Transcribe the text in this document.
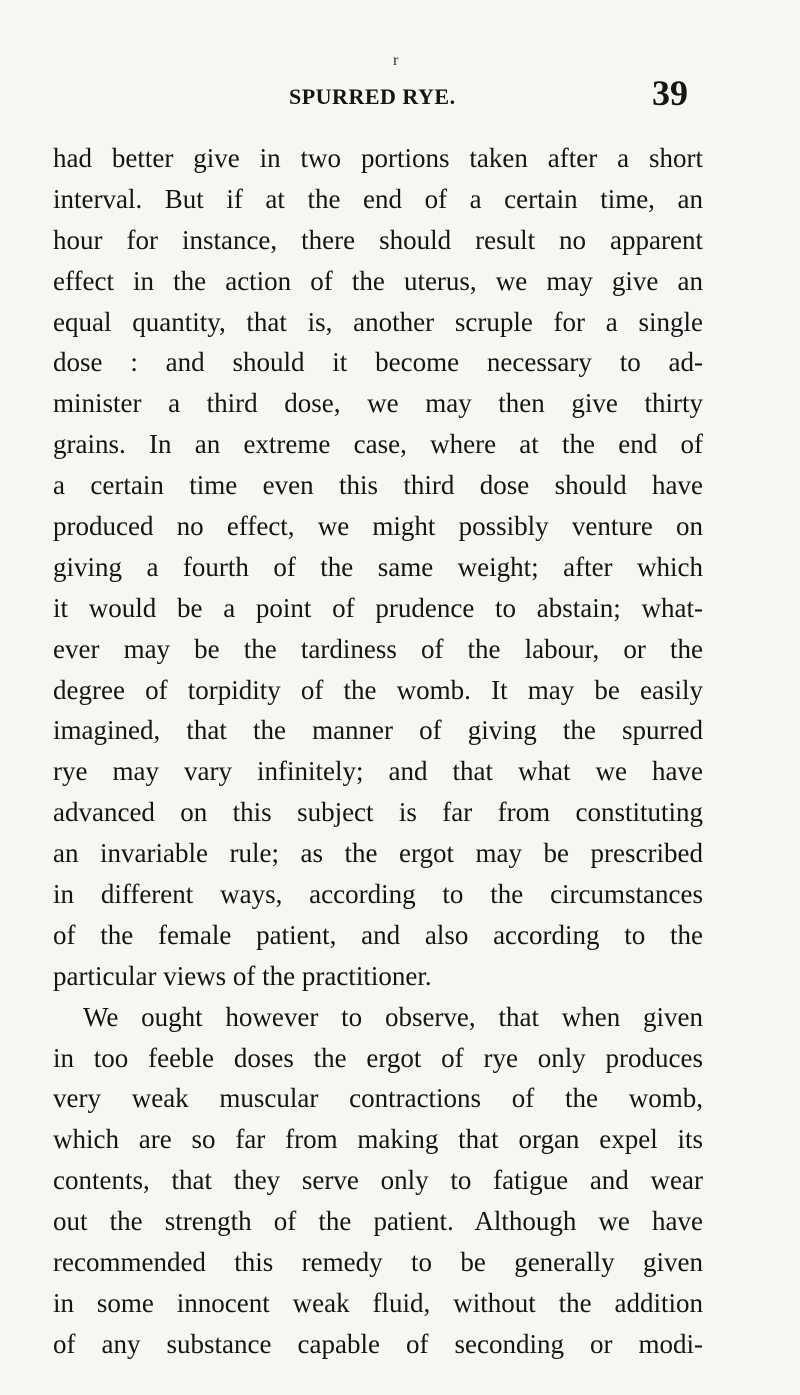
r
SPURRED RYE.	39
had better give in two portions taken after a short
interval. But if at the end of a certain time, an
hour for instance, there should result no apparent
effect in the action of the uterus, we may give an
equal quantity, that is, another scruple for a single
dose : and should it become necessary to ad-
minister a third dose, we may then give thirty
grains. In an extreme case, where at the end of
a certain time even this third dose should have
produced no effect, we might possibly venture on
giving a fourth of the same weight; after which
it would be a point of prudence to abstain; what-
ever may be the tardiness of the labour, or the
degree of torpidity of the womb. It may be easily
imagined, that the manner of giving the spurred
rye may vary infinitely; and that what we have
advanced on this subject is far from constituting
an invariable rule; as the ergot may be prescribed
in different ways, according to the circumstances
of the female patient, and also according to the
particular views of the practitioner.
We ought however to observe, that when given
in too feeble doses the ergot of rye only produces
very weak muscular contractions of the womb,
which are so far from making that organ expel its
contents, that they serve only to fatigue and wear
out the strength of the patient. Although we have
recommended this remedy to be generally given
in some innocent weak fluid, without the addition
of any substance capable of seconding or modi-
